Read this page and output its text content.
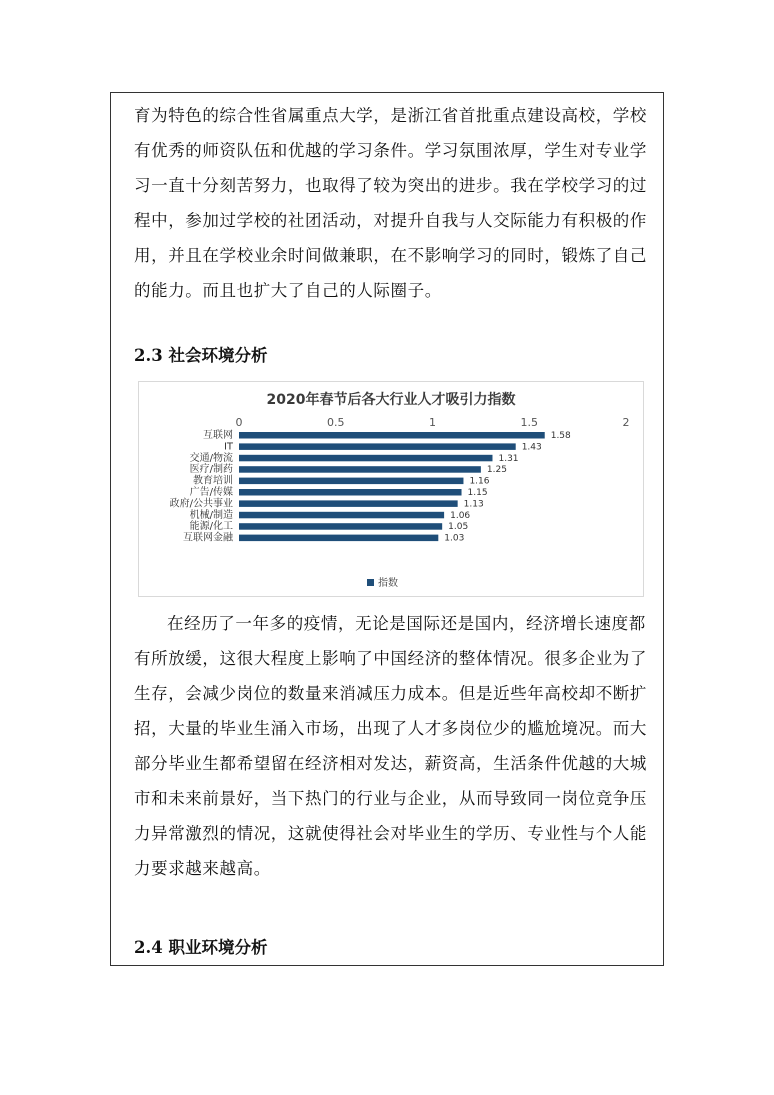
育为特色的综合性省属重点大学，是浙江省首批重点建设高校，学校有优秀的师资队伍和优越的学习条件。学习氛围浓厚，学生对专业学习一直十分刻苦努力，也取得了较为突出的进步。我在学校学习的过程中，参加过学校的社团活动，对提升自我与人交际能力有积极的作用，并且在学校业余时间做兼职，在不影响学习的同时，锻炼了自己的能力。而且也扩大了自己的人际圈子。

2.3 社会环境分析
2020年春节后各大行业人才吸引力指数
0	0.5	1	1.5	2
互联网	1.58
IT	1.43
交通/物流	1.31
医疗/制药	1.25
教育培训	1.16
广告/传媒	1.15
政府/公共事业	1.13
机械/制造	1.06
能源/化工	1.05
互联网金融	1.03
指数

在经历了一年多的疫情，无论是国际还是国内，经济增长速度都有所放缓，这很大程度上影响了中国经济的整体情况。很多企业为了生存，会减少岗位的数量来消减压力成本。但是近些年高校却不断扩招，大量的毕业生涌入市场，出现了人才多岗位少的尴尬境况。而大部分毕业生都希望留在经济相对发达，薪资高，生活条件优越的大城市和未来前景好，当下热门的行业与企业，从而导致同一岗位竞争压力异常激烈的情况，这就使得社会对毕业生的学历、专业性与个人能力要求越来越高。

2.4 职业环境分析
